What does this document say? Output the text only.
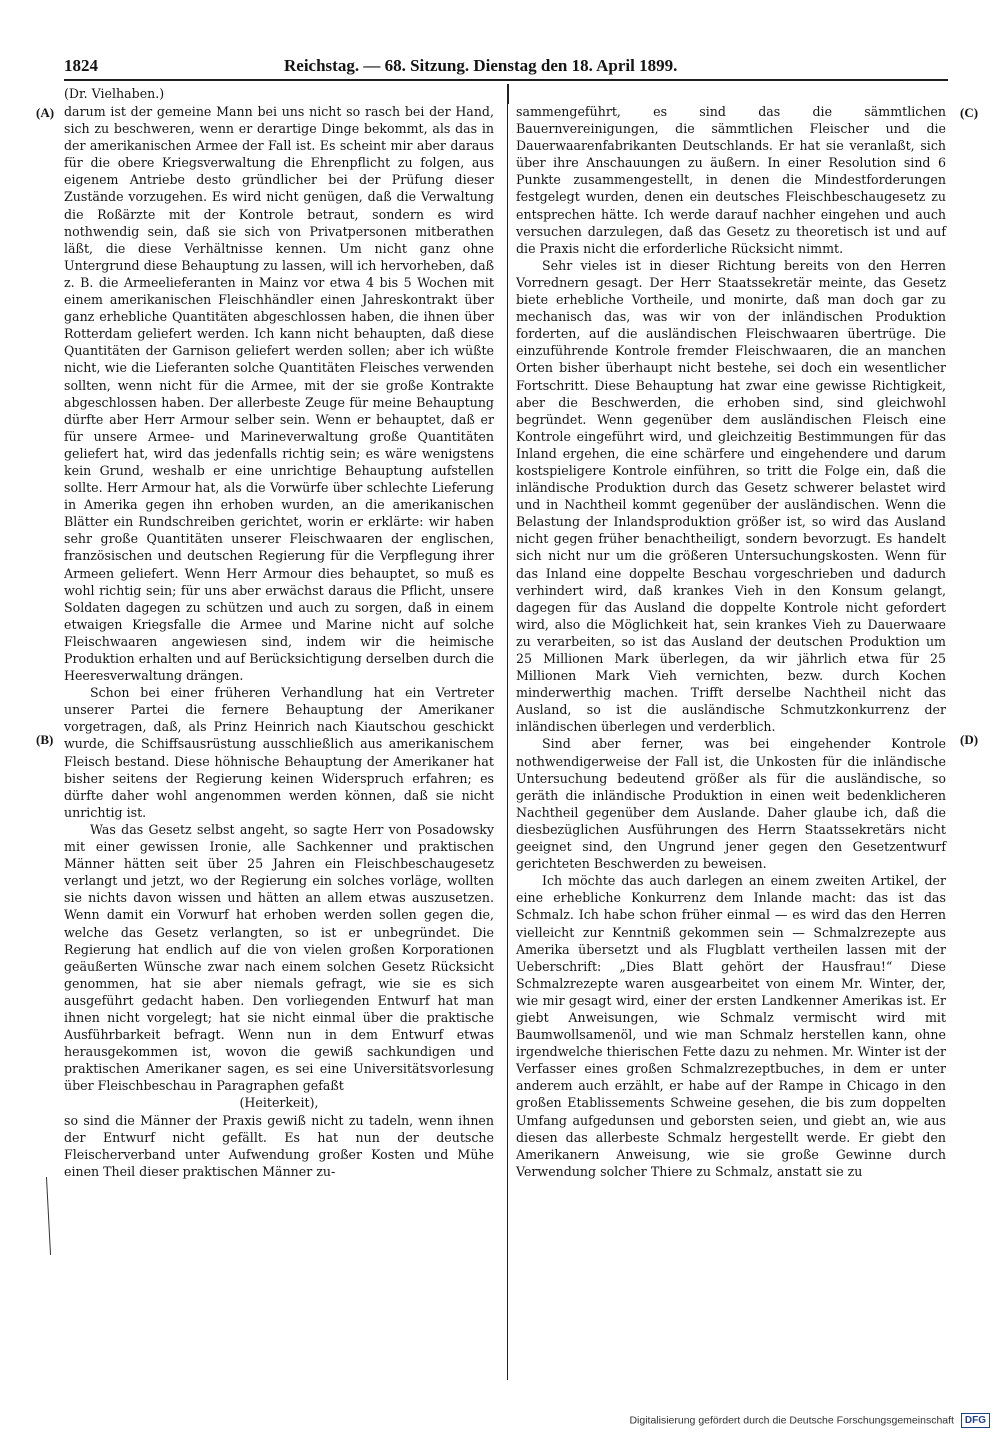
1824	Reichstag. — 68. Sitzung. Dienstag den 18. April 1899.
(Dr. Vielhaben.)
(A)
(B)
(C)
(D)

darum ist der gemeine Mann bei uns nicht so rasch bei der Hand, sich zu beschweren, wenn er derartige Dinge bekommt, als das in der amerikanischen Armee der Fall ist. Es scheint mir aber daraus für die obere Kriegsverwaltung die Ehrenpflicht zu folgen, aus eigenem Antriebe desto gründlicher bei der Prüfung dieser Zustände vorzugehen. Es wird nicht genügen, daß die Verwaltung die Roßärzte mit der Kontrole betraut, sondern es wird nothwendig sein, daß sie sich von Privatpersonen mitberathen läßt, die diese Verhältnisse kennen. Um nicht ganz ohne Untergrund diese Behauptung zu lassen, will ich hervorheben, daß z. B. die Armeelieferanten in Mainz vor etwa 4 bis 5 Wochen mit einem amerikanischen Fleischhändler einen Jahreskontrakt über ganz erhebliche Quantitäten abgeschlossen haben, die ihnen über Rotterdam geliefert werden. Ich kann nicht behaupten, daß diese Quantitäten der Garnison geliefert werden sollen; aber ich wüßte nicht, wie die Lieferanten solche Quantitäten Fleisches verwenden sollten, wenn nicht für die Armee, mit der sie große Kontrakte abgeschlossen haben. Der allerbeste Zeuge für meine Behauptung dürfte aber Herr Armour selber sein. Wenn er behauptet, daß er für unsere Armee- und Marineverwaltung große Quantitäten geliefert hat, wird das jedenfalls richtig sein; es wäre wenigstens kein Grund, weshalb er eine unrichtige Behauptung aufstellen sollte. Herr Armour hat, als die Vorwürfe über schlechte Lieferung in Amerika gegen ihn erhoben wurden, an die amerikanischen Blätter ein Rundschreiben gerichtet, worin er erklärte: wir haben sehr große Quantitäten unserer Fleischwaaren der englischen, französischen und deutschen Regierung für die Verpflegung ihrer Armeen geliefert. Wenn Herr Armour dies behauptet, so muß es wohl richtig sein; für uns aber erwächst daraus die Pflicht, unsere Soldaten dagegen zu schützen und auch zu sorgen, daß in einem etwaigen Kriegsfalle die Armee und Marine nicht auf solche Fleischwaaren angewiesen sind, indem wir die heimische Produktion erhalten und auf Berücksichtigung derselben durch die Heeresverwaltung drängen.

Schon bei einer früheren Verhandlung hat ein Vertreter unserer Partei die fernere Behauptung der Amerikaner vorgetragen, daß, als Prinz Heinrich nach Kiautschou geschickt wurde, die Schiffsausrüstung ausschließlich aus amerikanischem Fleisch bestand. Diese höhnische Behauptung der Amerikaner hat bisher seitens der Regierung keinen Widerspruch erfahren; es dürfte daher wohl angenommen werden können, daß sie nicht unrichtig ist.

Was das Gesetz selbst angeht, so sagte Herr von Posadowsky mit einer gewissen Ironie, alle Sachkenner und praktischen Männer hätten seit über 25 Jahren ein Fleischbeschaugesetz verlangt und jetzt, wo der Regierung ein solches vorläge, wollten sie nichts davon wissen und hätten an allem etwas auszusetzen. Wenn damit ein Vorwurf hat erhoben werden sollen gegen die, welche das Gesetz verlangten, so ist er unbegründet. Die Regierung hat endlich auf die von vielen großen Korporationen geäußerten Wünsche zwar nach einem solchen Gesetz Rücksicht genommen, hat sie aber niemals gefragt, wie sie es sich ausgeführt gedacht haben. Den vorliegenden Entwurf hat man ihnen nicht vorgelegt; hat sie nicht einmal über die praktische Ausführbarkeit befragt. Wenn nun in dem Entwurf etwas herausgekommen ist, wovon die gewiß sachkundigen und praktischen Amerikaner sagen, es sei eine Universitätsvorlesung über Fleischbeschau in Paragraphen gefaßt

(Heiterkeit),

so sind die Männer der Praxis gewiß nicht zu tadeln, wenn ihnen der Entwurf nicht gefällt. Es hat nun der deutsche Fleischerverband unter Aufwendung großer Kosten und Mühe einen Theil dieser praktischen Männer zu-

sammengeführt, es sind das die sämmtlichen Bauernvereinigungen, die sämmtlichen Fleischer und die Dauerwaarenfabrikanten Deutschlands. Er hat sie veranlaßt, sich über ihre Anschauungen zu äußern. In einer Resolution sind 6 Punkte zusammengestellt, in denen die Mindestforderungen festgelegt wurden, denen ein deutsches Fleischbeschaugesetz zu entsprechen hätte. Ich werde darauf nachher eingehen und auch versuchen darzulegen, daß das Gesetz zu theoretisch ist und auf die Praxis nicht die erforderliche Rücksicht nimmt.

Sehr vieles ist in dieser Richtung bereits von den Herren Vorrednern gesagt. Der Herr Staatssekretär meinte, das Gesetz biete erhebliche Vortheile, und monirte, daß man doch gar zu mechanisch das, was wir von der inländischen Produktion forderten, auf die ausländischen Fleischwaaren übertrüge. Die einzuführende Kontrole fremder Fleischwaaren, die an manchen Orten bisher überhaupt nicht bestehe, sei doch ein wesentlicher Fortschritt. Diese Behauptung hat zwar eine gewisse Richtigkeit, aber die Beschwerden, die erhoben sind, sind gleichwohl begründet. Wenn gegenüber dem ausländischen Fleisch eine Kontrole eingeführt wird, und gleichzeitig Bestimmungen für das Inland ergehen, die eine schärfere und eingehendere und darum kostspieligere Kontrole einführen, so tritt die Folge ein, daß die inländische Produktion durch das Gesetz schwerer belastet wird und in Nachtheil kommt gegenüber der ausländischen. Wenn die Belastung der Inlandsproduktion größer ist, so wird das Ausland nicht gegen früher benachtheiligt, sondern bevorzugt. Es handelt sich nicht nur um die größeren Untersuchungskosten. Wenn für das Inland eine doppelte Beschau vorgeschrieben und dadurch verhindert wird, daß krankes Vieh in den Konsum gelangt, dagegen für das Ausland die doppelte Kontrole nicht gefordert wird, also die Möglichkeit hat, sein krankes Vieh zu Dauerwaare zu verarbeiten, so ist das Ausland der deutschen Produktion um 25 Millionen Mark überlegen, da wir jährlich etwa für 25 Millionen Mark Vieh vernichten, bezw. durch Kochen minderwerthig machen. Trifft derselbe Nachtheil nicht das Ausland, so ist die ausländische Schmutzkonkurrenz der inländischen überlegen und verderblich.

Sind aber ferner, was bei eingehender Kontrole nothwendigerweise der Fall ist, die Unkosten für die inländische Untersuchung bedeutend größer als für die ausländische, so geräth die inländische Produktion in einen weit bedenklicheren Nachtheil gegenüber dem Auslande. Daher glaube ich, daß die diesbezüglichen Ausführungen des Herrn Staatssekretärs nicht geeignet sind, den Ungrund jener gegen den Gesetzentwurf gerichteten Beschwerden zu beweisen.

Ich möchte das auch darlegen an einem zweiten Artikel, der eine erhebliche Konkurrenz dem Inlande macht: das ist das Schmalz. Ich habe schon früher einmal — es wird das den Herren vielleicht zur Kenntniß gekommen sein — Schmalzrezepte aus Amerika übersetzt und als Flugblatt vertheilen lassen mit der Ueberschrift: „Dies Blatt gehört der Hausfrau!“ Diese Schmalzrezepte waren ausgearbeitet von einem Mr. Winter, der, wie mir gesagt wird, einer der ersten Landkenner Amerikas ist. Er giebt Anweisungen, wie Schmalz vermischt wird mit Baumwollsamenöl, und wie man Schmalz herstellen kann, ohne irgendwelche thierischen Fette dazu zu nehmen. Mr. Winter ist der Verfasser eines großen Schmalzrezeptbuches, in dem er unter anderem auch erzählt, er habe auf der Rampe in Chicago in den großen Etablissements Schweine gesehen, die bis zum doppelten Umfang aufgedunsen und geborsten seien, und giebt an, wie aus diesen das allerbeste Schmalz hergestellt werde. Er giebt den Amerikanern Anweisung, wie sie große Gewinne durch Verwendung solcher Thiere zu Schmalz, anstatt sie zu

Digitalisierung gefördert durch die Deutsche Forschungsgemeinschaft DFG
